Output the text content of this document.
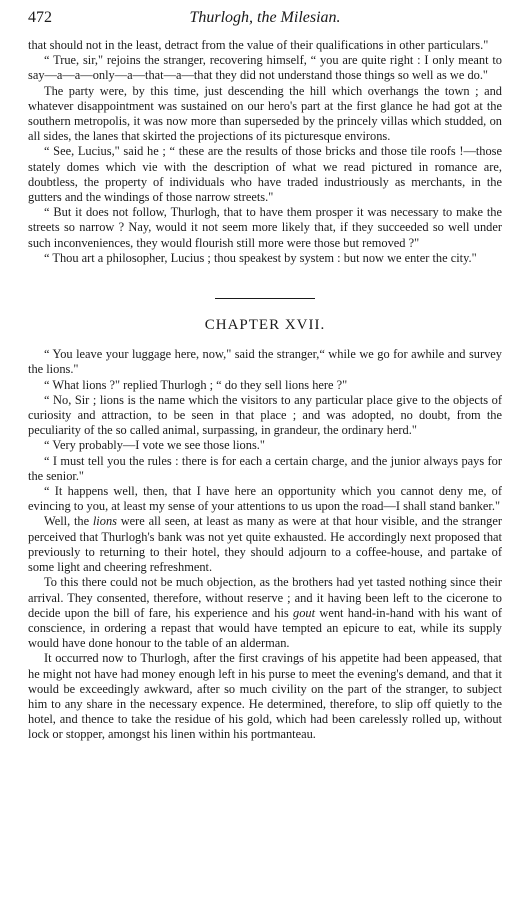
472	Thurlogh, the Milesian.

that should not in the least, detract from the value of their qualifications in other particulars."

“ True, sir," rejoins the stranger, recovering himself, “ you are quite right : I only meant to say—a—a—only—a—that—a—that they did not understand those things so well as we do."

The party were, by this time, just descending the hill which overhangs the town ; and whatever disappointment was sustained on our hero's part at the first glance he had got at the southern metropolis, it was now more than superseded by the princely villas which studded, on all sides, the lanes that skirted the projections of its picturesque environs.

“ See, Lucius," said he ; “ these are the results of those bricks and those tile roofs !—those stately domes which vie with the description of what we read pictured in romance are, doubtless, the property of individuals who have traded industriously as merchants, in the gutters and the windings of those narrow streets."

“ But it does not follow, Thurlogh, that to have them prosper it was necessary to make the streets so narrow ? Nay, would it not seem more likely that, if they succeeded so well under such inconveniences, they would flourish still more were those but removed ?"

“ Thou art a philosopher, Lucius ; thou speakest by system : but now we enter the city."

CHAPTER XVII.

“ You leave your luggage here, now," said the stranger,“ while we go for awhile and survey the lions."

“ What lions ?" replied Thurlogh ; “ do they sell lions here ?"

“ No, Sir ; lions is the name which the visitors to any particular place give to the objects of curiosity and attraction, to be seen in that place ; and was adopted, no doubt, from the peculiarity of the so called animal, surpassing, in grandeur, the ordinary herd."

“ Very probably—I vote we see those lions."

“ I must tell you the rules : there is for each a certain charge, and the junior always pays for the senior."

“ It happens well, then, that I have here an opportunity which you cannot deny me, of evincing to you, at least my sense of your attentions to us upon the road—I shall stand banker."

Well, the lions were all seen, at least as many as were at that hour visible, and the stranger perceived that Thurlogh's bank was not yet quite exhausted. He accordingly next proposed that previously to returning to their hotel, they should adjourn to a coffee-house, and partake of some light and cheering refreshment.

To this there could not be much objection, as the brothers had yet tasted nothing since their arrival. They consented, therefore, without reserve ; and it having been left to the cicerone to decide upon the bill of fare, his experience and his gout went hand-in-hand with his want of conscience, in ordering a repast that would have tempted an epicure to eat, while its supply would have done honour to the table of an alderman.

It occurred now to Thurlogh, after the first cravings of his appetite had been appeased, that he might not have had money enough left in his purse to meet the evening's demand, and that it would be exceedingly awkward, after so much civility on the part of the stranger, to subject him to any share in the necessary expence. He determined, therefore, to slip off quietly to the hotel, and thence to take the residue of his gold, which had been carelessly rolled up, without lock or stopper, amongst his linen within his portmanteau.
